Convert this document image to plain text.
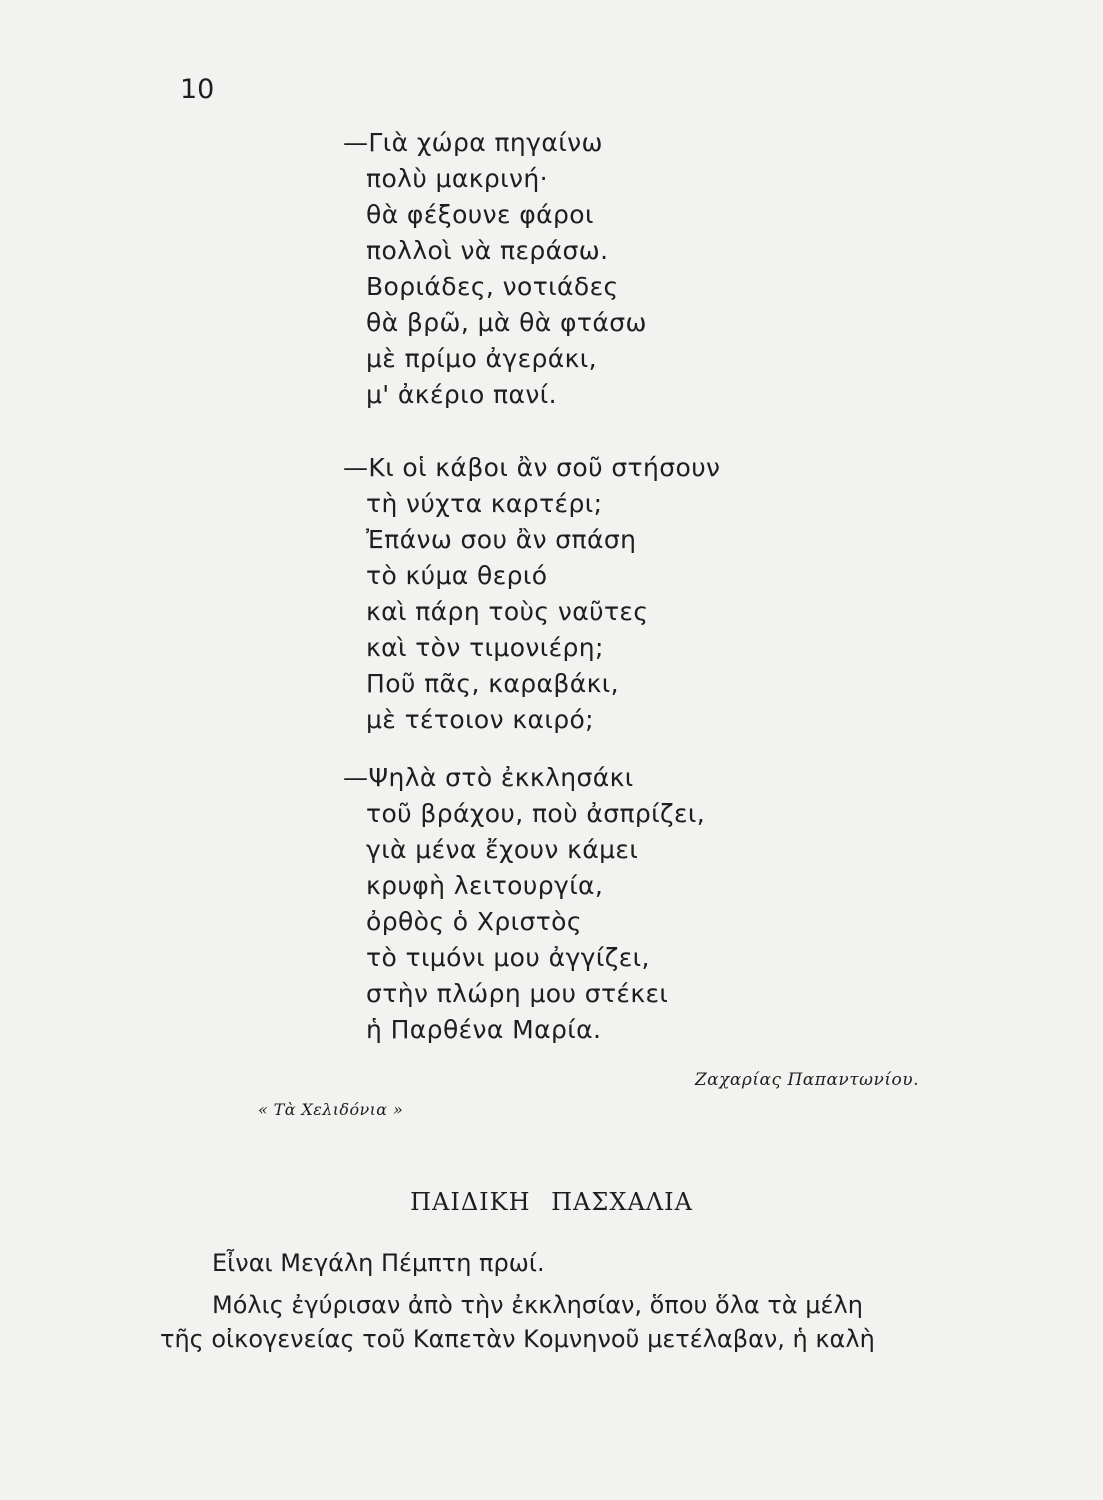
10
—Γιὰ χώρα πηγαίνω
πολὺ μακρινή·
θὰ φέξουνε φάροι
πολλοὶ νὰ περάσω.
Βοριάδες, νοτιάδες
θὰ βρῶ, μὰ θὰ φτάσω
μὲ πρίμο ἀγεράκι,
μ' ἀκέριο πανί.
—Κι οἱ κάβοι ἂν σοῦ στήσουν
τὴ νύχτα καρτέρι;
Ἐπάνω σου ἂν σπάση
τὸ κύμα θεριό
καὶ πάρη τοὺς ναῦτες
καὶ τὸν τιμονιέρη;
Ποῦ πᾶς, καραβάκι,
μὲ τέτοιον καιρό;
—Ψηλὰ στὸ ἐκκλησάκι
τοῦ βράχου, ποὺ ἀσπρίζει,
γιὰ μένα ἔχουν κάμει
κρυφὴ λειτουργία,
ὀρθὸς ὁ Χριστὸς
τὸ τιμόνι μου ἀγγίζει,
στὴν πλώρη μου στέκει
ἡ Παρθένα Μαρία.
Ζαχαρίας Παπαντωνίου.
« Τὰ Χελιδόνια »
ΠΑΙΔΙΚΗ ΠΑΣΧΑΛΙΑ

Εἶναι Μεγάλη Πέμπτη πρωί.

Μόλις ἐγύρισαν ἀπὸ τὴν ἐκκλησίαν, ὅπου ὅλα τὰ μέλη
τῆς οἰκογενείας τοῦ Καπετὰν Κομνηνοῦ μετέλαβαν, ἡ καλὴ
